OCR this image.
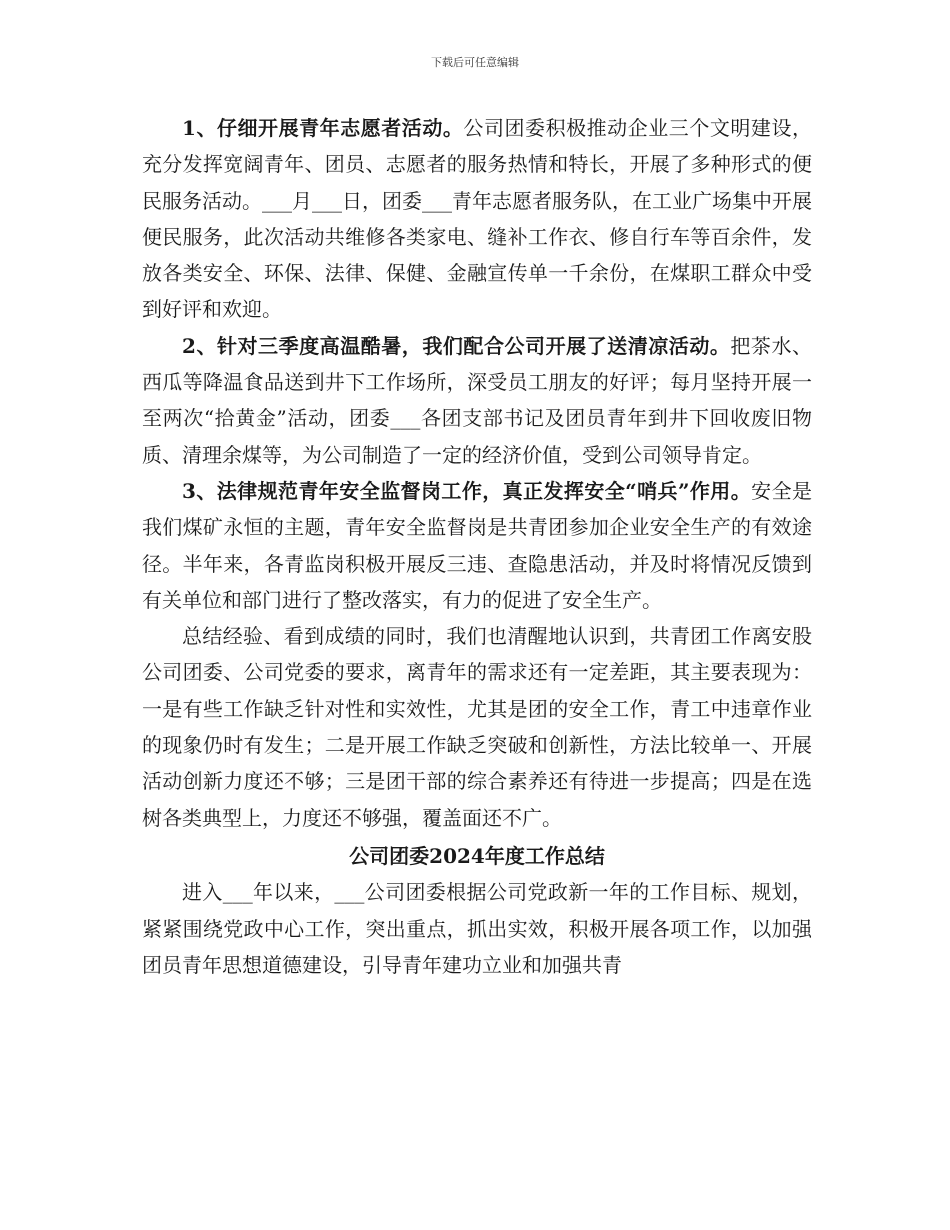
下载后可任意编辑

1、仔细开展青年志愿者活动。公司团委积极推动企业三个文明建设，充分发挥宽阔青年、团员、志愿者的服务热情和特长，开展了多种形式的便民服务活动。___月___日，团委___青年志愿者服务队，在工业广场集中开展便民服务，此次活动共维修各类家电、缝补工作衣、修自行车等百余件，发放各类安全、环保、法律、保健、金融宣传单一千余份，在煤职工群众中受到好评和欢迎。

2、针对三季度高温酷暑，我们配合公司开展了送清凉活动。把茶水、西瓜等降温食品送到井下工作场所，深受员工朋友的好评；每月坚持开展一至两次“拾黄金”活动，团委___各团支部书记及团员青年到井下回收废旧物质、清理余煤等，为公司制造了一定的经济价值，受到公司领导肯定。

3、法律规范青年安全监督岗工作，真正发挥安全“哨兵”作用。安全是我们煤矿永恒的主题，青年安全监督岗是共青团参加企业安全生产的有效途径。半年来，各青监岗积极开展反三违、查隐患活动，并及时将情况反馈到有关单位和部门进行了整改落实，有力的促进了安全生产。

总结经验、看到成绩的同时，我们也清醒地认识到，共青团工作离安股公司团委、公司党委的要求，离青年的需求还有一定差距，其主要表现为：一是有些工作缺乏针对性和实效性，尤其是团的安全工作，青工中违章作业的现象仍时有发生；二是开展工作缺乏突破和创新性，方法比较单一、开展活动创新力度还不够；三是团干部的综合素养还有待进一步提高；四是在选树各类典型上，力度还不够强，覆盖面还不广。

公司团委2024年度工作总结

进入___年以来，___公司团委根据公司党政新一年的工作目标、规划，紧紧围绕党政中心工作，突出重点，抓出实效，积极开展各项工作，以加强团员青年思想道德建设，引导青年建功立业和加强共青
